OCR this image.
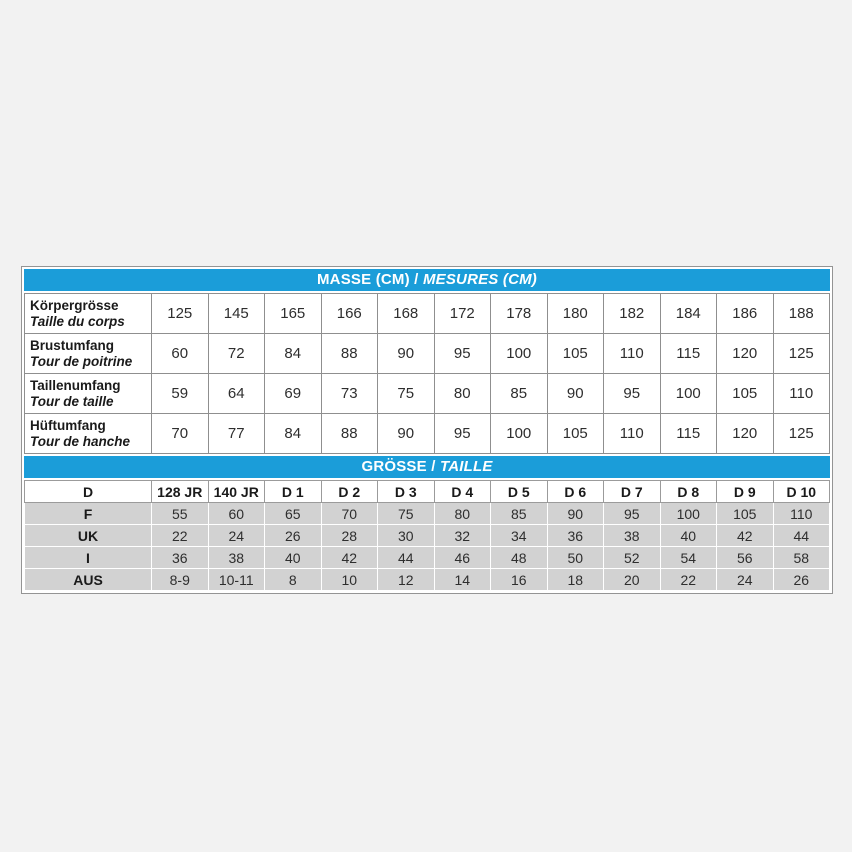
MASSE (CM) / MESURES (CM)
Körpergrösse
Taille du corps	125	145	165	166	168	172	178	180	182	184	186	188

Brustumfang
Tour de poitrine	60	72	84	88	90	95	100	105	110	115	120	125

Taillenumfang
Tour de taille	59	64	69	73	75	80	85	90	95	100	105	110

Hüftumfang
Tour de hanche	70	77	84	88	90	95	100	105	110	115	120	125
GRÖSSE / TAILLE
D	128 JR	140 JR	D 1	D 2	D 3	D 4	D 5	D 6	D 7	D 8	D 9	D 10
F	55	60	65	70	75	80	85	90	95	100	105	110
UK	22	24	26	28	30	32	34	36	38	40	42	44
I	36	38	40	42	44	46	48	50	52	54	56	58
AUS	8-9	10-11	8	10	12	14	16	18	20	22	24	26
